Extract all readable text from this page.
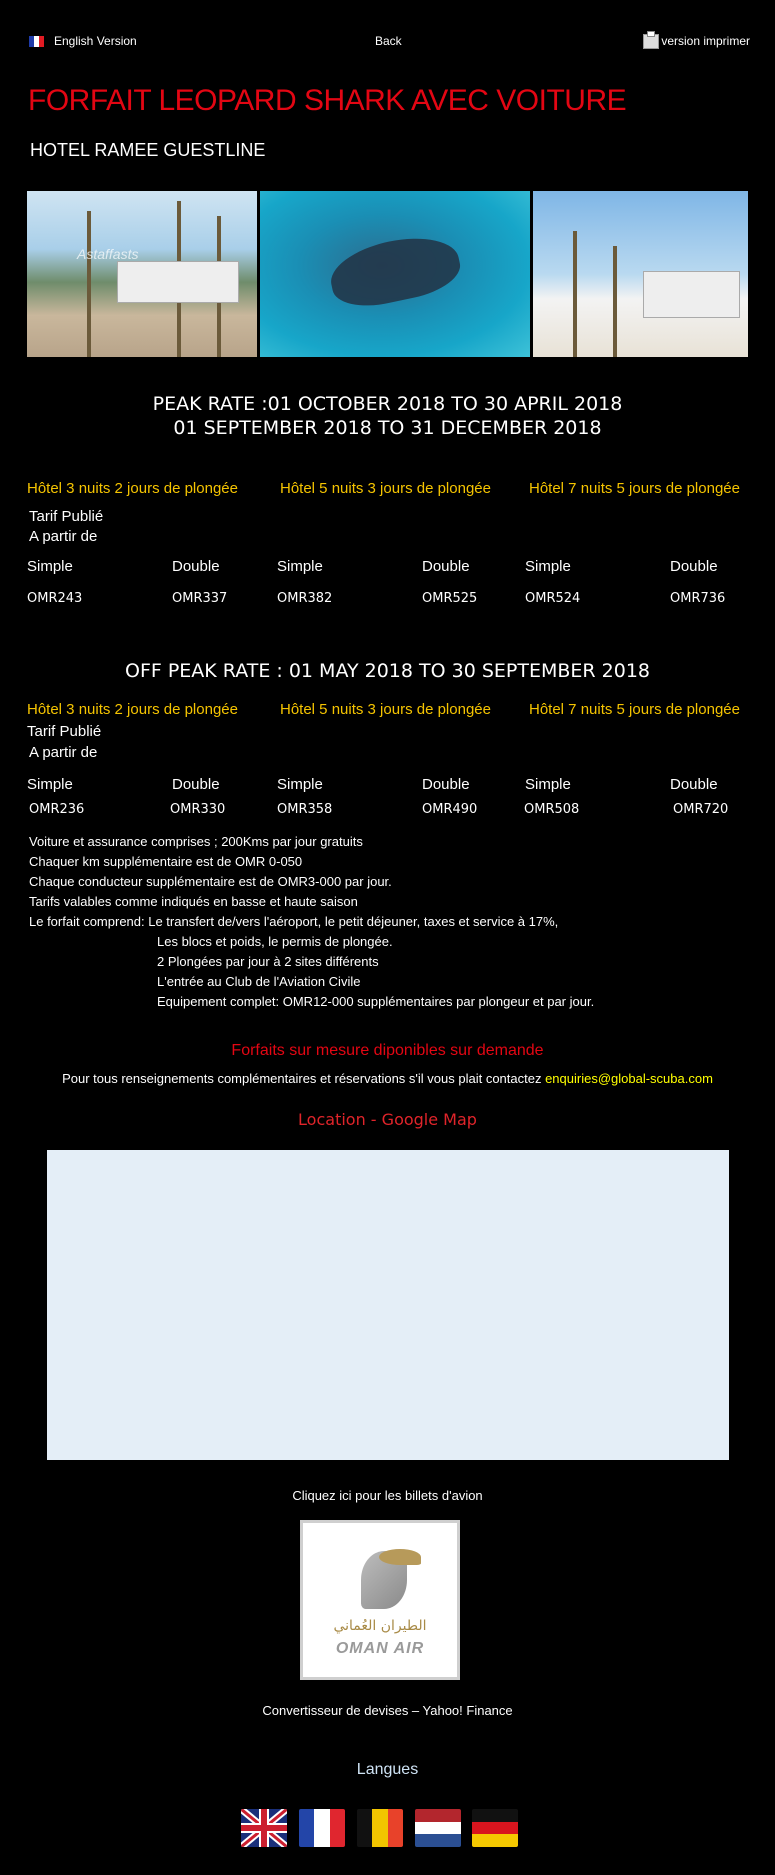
English Version	Back	version imprimer
FORFAIT LEOPARD SHARK AVEC VOITURE
HOTEL RAMEE GUESTLINE
Astaffasts
PEAK RATE :01 OCTOBER 2018 TO 30 APRIL 2018
01 SEPTEMBER 2018 TO 31 DECEMBER 2018
Hôtel 3 nuits 2 jours de plongée	Hôtel 5 nuits 3 jours de plongée	Hôtel 7 nuits 5 jours de plongée
Tarif Publié
A partir de
Simple	Double	Simple	Double	Simple	Double
OMR243	OMR337	OMR382	OMR525	OMR524	OMR736
OFF PEAK RATE : 01 MAY 2018 TO 30 SEPTEMBER 2018
Hôtel 3 nuits 2 jours de plongée	Hôtel 5 nuits 3 jours de plongée	Hôtel 7 nuits 5 jours de plongée
Tarif Publié
A partir de
Simple	Double	Simple	Double	Simple	Double
OMR236	OMR330	OMR358	OMR490	OMR508	OMR720
Voiture et assurance comprises ; 200Kms par jour gratuits
Chaquer km supplémentaire est de OMR 0-050
Chaque conducteur supplémentaire est de OMR3-000 par jour.
Tarifs valables comme indiqués en basse et haute saison
Le forfait comprend: Le transfert de/vers l'aéroport, le petit déjeuner, taxes et service à 17%,
Les blocs et poids, le permis de plongée.
2 Plongées par jour à 2 sites différents
L'entrée au Club de l'Aviation Civile
Equipement complet: OMR12-000 supplémentaires par plongeur et par jour.
Forfaits sur mesure diponibles sur demande
Pour tous renseignements complémentaires et réservations s'il vous plait contactez enquiries@global-scuba.com
Location - Google Map
Cliquez ici pour les billets d'avion
الطيران العُماني
OMAN AIR
Convertisseur de devises – Yahoo! Finance
Langues
